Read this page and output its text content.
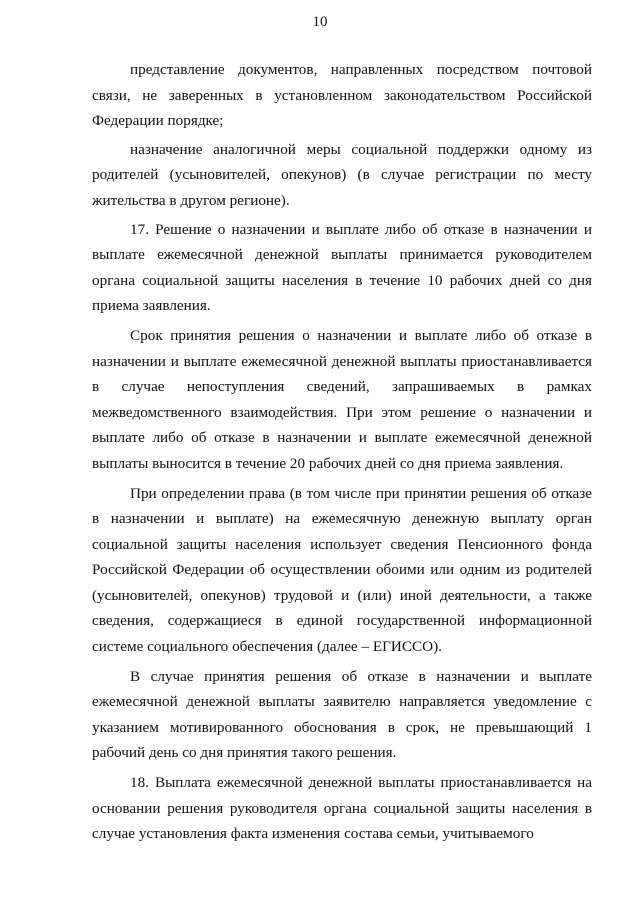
10

представление документов, направленных посредством почтовой связи, не заверенных в установленном законодательством Российской Федерации порядке;

назначение аналогичной меры социальной поддержки одному из родителей (усыновителей, опекунов) (в случае регистрации по месту жительства в другом регионе).

17. Решение о назначении и выплате либо об отказе в назначении и выплате ежемесячной денежной выплаты принимается руководителем органа социальной защиты населения в течение 10 рабочих дней со дня приема заявления.

Срок принятия решения о назначении и выплате либо об отказе в назначении и выплате ежемесячной денежной выплаты приостанавливается в случае непоступления сведений, запрашиваемых в рамках межведомственного взаимодействия. При этом решение о назначении и выплате либо об отказе в назначении и выплате ежемесячной денежной выплаты выносится в течение 20 рабочих дней со дня приема заявления.

При определении права (в том числе при принятии решения об отказе в назначении и выплате) на ежемесячную денежную выплату орган социальной защиты населения использует сведения Пенсионного фонда Российской Федерации об осуществлении обоими или одним из родителей (усыновителей, опекунов) трудовой и (или) иной деятельности, а также сведения, содержащиеся в единой государственной информационной системе социального обеспечения (далее – ЕГИССО).

В случае принятия решения об отказе в назначении и выплате ежемесячной денежной выплаты заявителю направляется уведомление с указанием мотивированного обоснования в срок, не превышающий 1 рабочий день со дня принятия такого решения.

18. Выплата ежемесячной денежной выплаты приостанавливается на основании решения руководителя органа социальной защиты населения в случае установления факта изменения состава семьи, учитываемого
